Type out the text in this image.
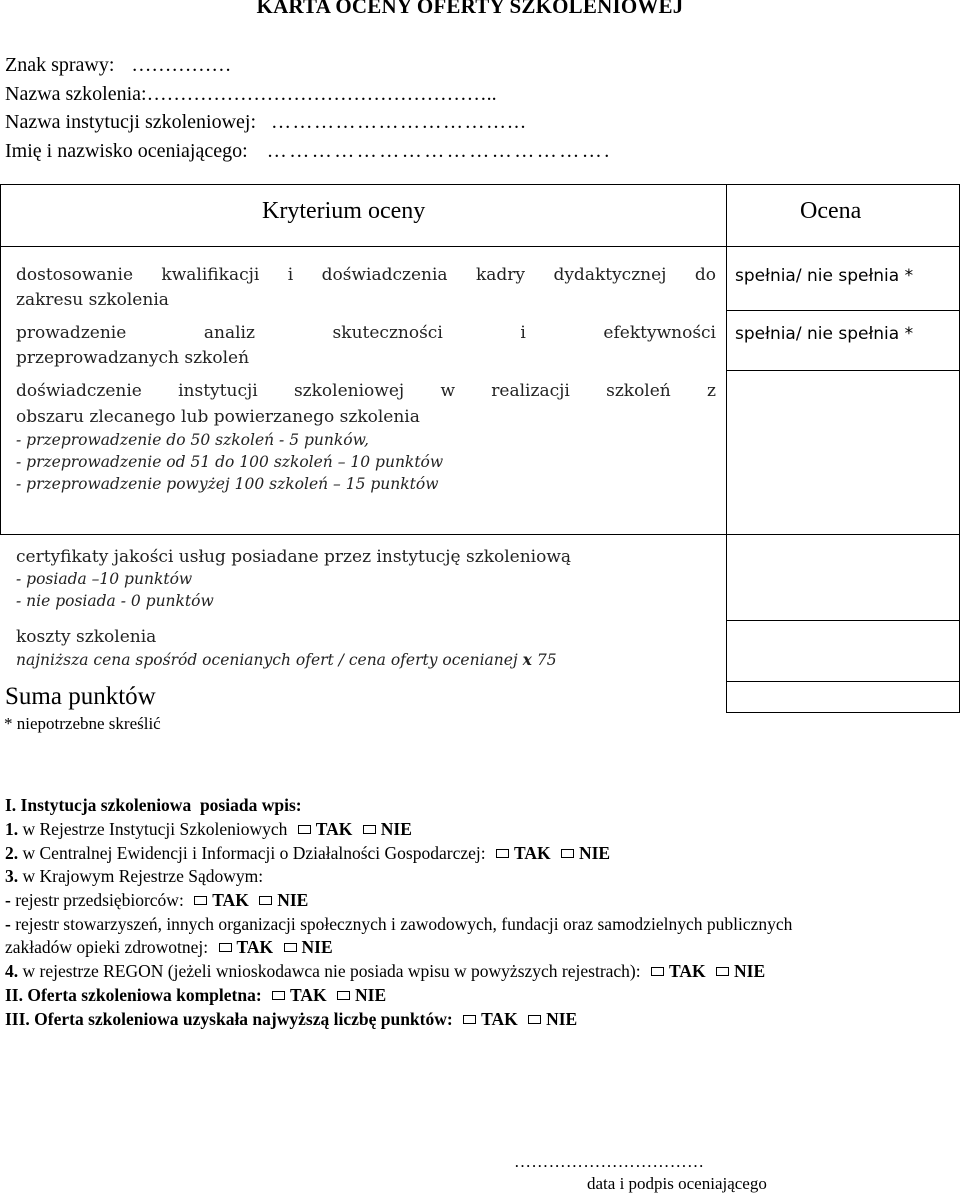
KARTA OCENY OFERTY SZKOLENIOWEJ
Znak sprawy: ……………
Nazwa szkolenia:……………………………………………..
Nazwa instytucji szkoleniowej: ……………………………...
Imię i nazwisko oceniającego: ……………………………………….
Kryterium oceny	Ocena
dostosowanie kwalifikacji i doświadczenia kadry dydaktycznej do
zakresu szkolenia
spełnia/ nie spełnia *
prowadzenie analiz skuteczności i efektywności
przeprowadzanych szkoleń
spełnia/ nie spełnia *
doświadczenie instytucji szkoleniowej w realizacji szkoleń z
obszaru zlecanego lub powierzanego szkolenia
- przeprowadzenie do 50 szkoleń - 5 punków,
- przeprowadzenie od 51 do 100 szkoleń – 10 punktów
- przeprowadzenie powyżej 100 szkoleń – 15 punktów
certyfikaty jakości usług posiadane przez instytucję szkoleniową
- posiada –10 punktów
- nie posiada - 0 punktów
koszty szkolenia
najniższa cena spośród ocenianych ofert / cena oferty ocenianej x 75
Suma punktów
* niepotrzebne skreślić
I. Instytucja szkoleniowa  posiada wpis:
1. w Rejestrze Instytucji Szkoleniowych TAK NIE
2. w Centralnej Ewidencji i Informacji o Działalności Gospodarczej: TAK NIE
3. w Krajowym Rejestrze Sądowym:
- rejestr przedsiębiorców: TAK NIE
- rejestr stowarzyszeń, innych organizacji społecznych i zawodowych, fundacji oraz samodzielnych publicznych
zakładów opieki zdrowotnej: TAK NIE
4. w rejestrze REGON (jeżeli wnioskodawca nie posiada wpisu w powyższych rejestrach): TAK NIE
II. Oferta szkoleniowa kompletna: TAK NIE
III. Oferta szkoleniowa uzyskała najwyższą liczbę punktów: TAK NIE
……………………………
data i podpis oceniającego
